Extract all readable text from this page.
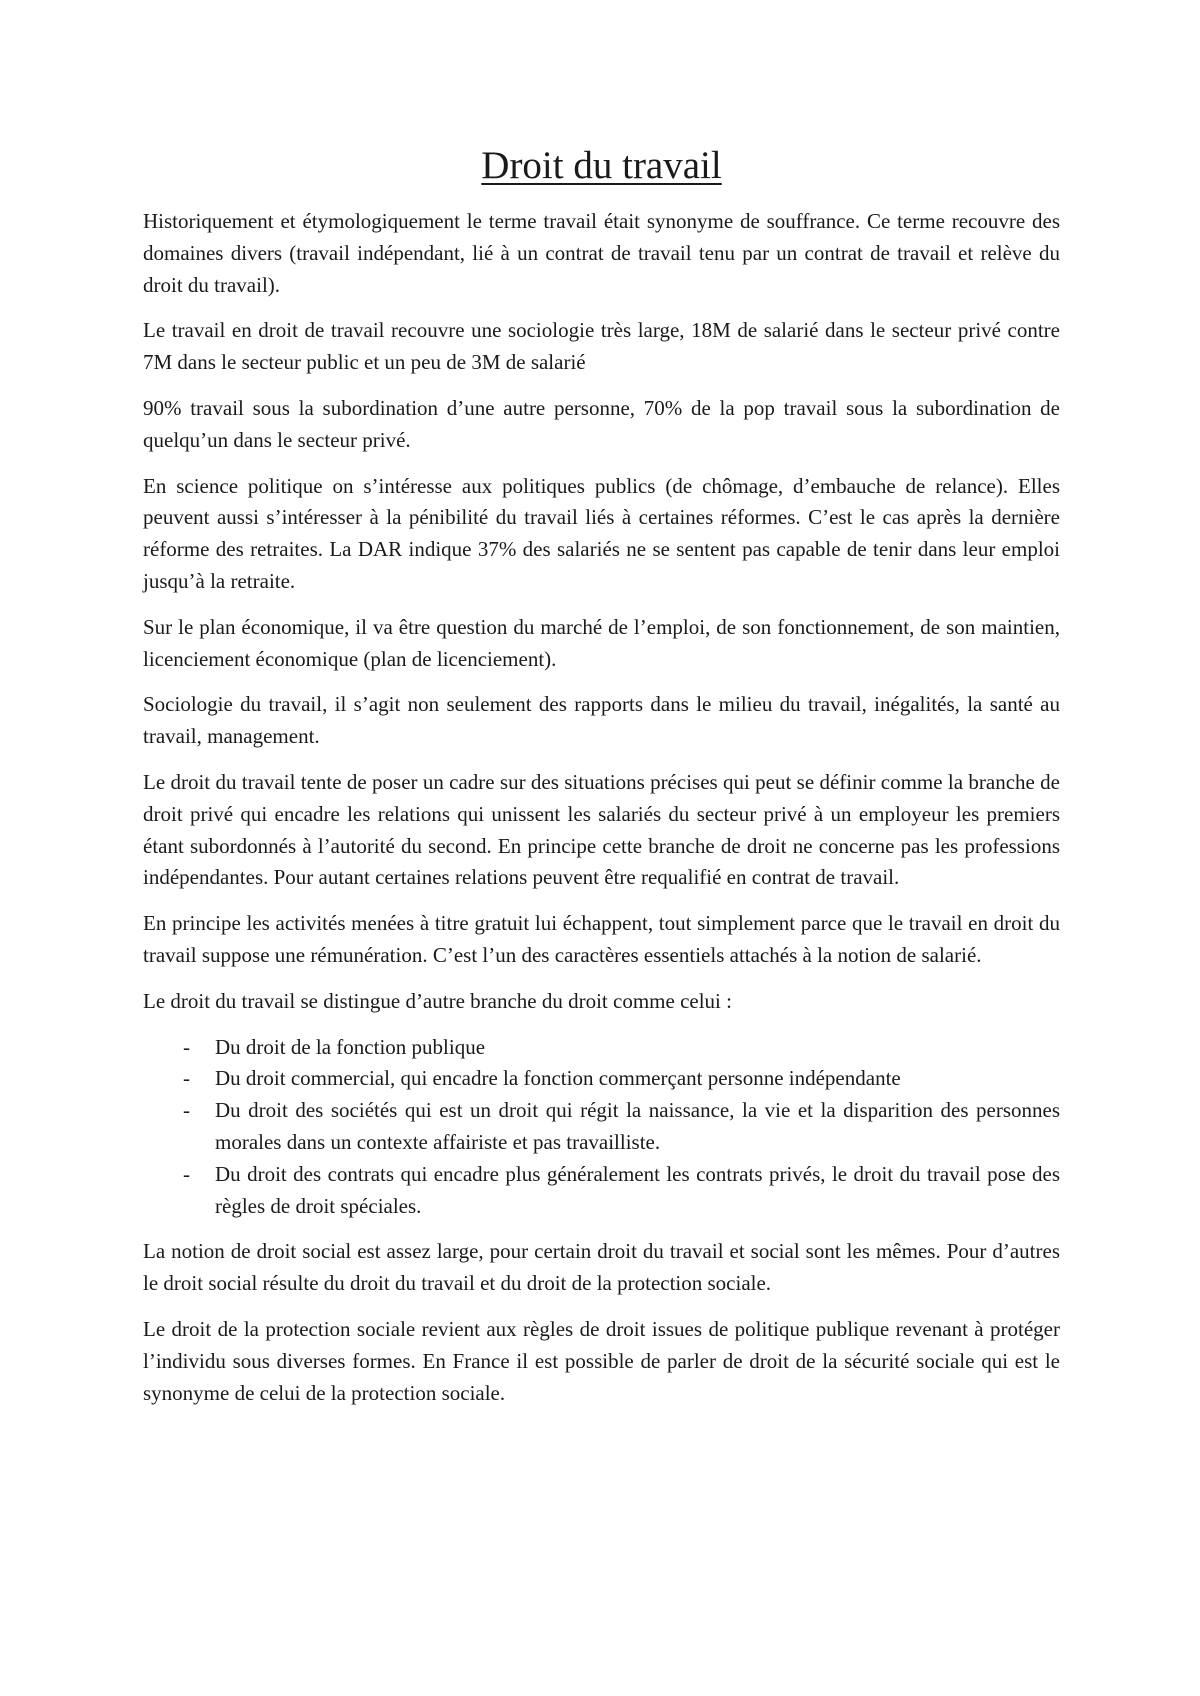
Droit du travail

Historiquement et étymologiquement le terme travail était synonyme de souffrance. Ce terme recouvre des domaines divers (travail indépendant, lié à un contrat de travail tenu par un contrat de travail et relève du droit du travail).

Le travail en droit de travail recouvre une sociologie très large, 18M de salarié dans le secteur privé contre 7M dans le secteur public et un peu de 3M de salarié

90% travail sous la subordination d’une autre personne, 70% de la pop travail sous la subordination de quelqu’un dans le secteur privé.

En science politique on s’intéresse aux politiques publics (de chômage, d’embauche de relance). Elles peuvent aussi s’intéresser à la pénibilité du travail liés à certaines réformes. C’est le cas après la dernière réforme des retraites. La DAR indique 37% des salariés ne se sentent pas capable de tenir dans leur emploi jusqu’à la retraite.

Sur le plan économique, il va être question du marché de l’emploi, de son fonctionnement, de son maintien, licenciement économique (plan de licenciement).

Sociologie du travail, il s’agit non seulement des rapports dans le milieu du travail, inégalités, la santé au travail, management.

Le droit du travail tente de poser un cadre sur des situations précises qui peut se définir comme la branche de droit privé qui encadre les relations qui unissent les salariés du secteur privé à un employeur les premiers étant subordonnés à l’autorité du second. En principe cette branche de droit ne concerne pas les professions indépendantes. Pour autant certaines relations peuvent être requalifié en contrat de travail.

En principe les activités menées à titre gratuit lui échappent, tout simplement parce que le travail en droit du travail suppose une rémunération. C’est l’un des caractères essentiels attachés à la notion de salarié.

Le droit du travail se distingue d’autre branche du droit comme celui :

- Du droit de la fonction publique
- Du droit commercial, qui encadre la fonction commerçant personne indépendante
- Du droit des sociétés qui est un droit qui régit la naissance, la vie et la disparition des personnes morales dans un contexte affairiste et pas travailliste.
- Du droit des contrats qui encadre plus généralement les contrats privés, le droit du travail pose des règles de droit spéciales.

La notion de droit social est assez large, pour certain droit du travail et social sont les mêmes. Pour d’autres le droit social résulte du droit du travail et du droit de la protection sociale.

Le droit de la protection sociale revient aux règles de droit issues de politique publique revenant à protéger l’individu sous diverses formes. En France il est possible de parler de droit de la sécurité sociale qui est le synonyme de celui de la protection sociale.
